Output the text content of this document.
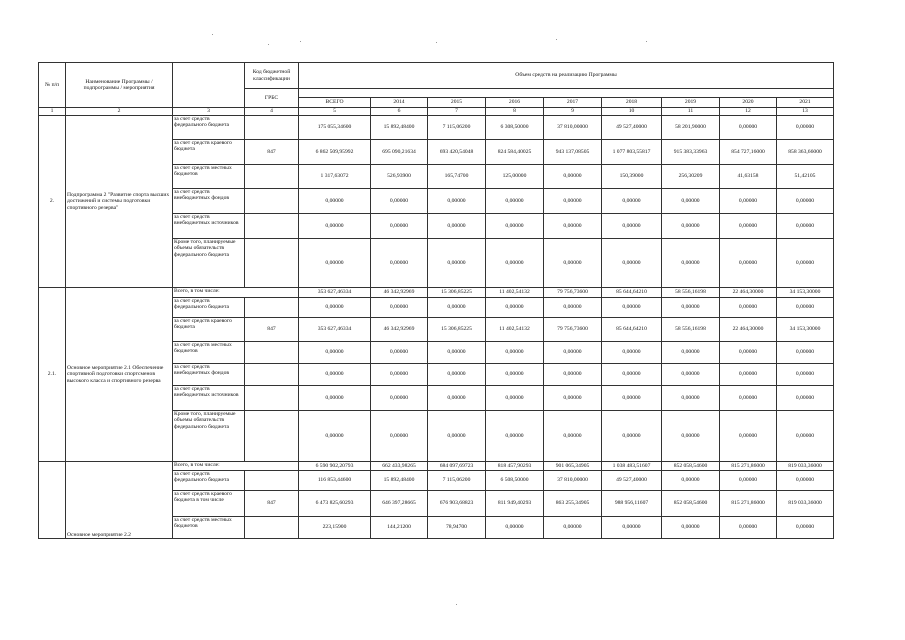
№ п/п	Наименование Программы / подпрограммы / мероприятия		Код бюджетной классификации	Объем средств на реализацию Программы								
			ГРБС									
				ВСЕГО	2014	2015	2016	2017	2018	2019	2020	2021
1	2	3	4	5	6	7	8	9	10	11	12	13
2.	Подпрограмма 2 "Развитие спорта высших достижений и системы подготовки спортивного резерва"	за счет средств федерального бюджета		175 055,34600	15 892,48400	7 115,06200	6 308,50000	37 810,00000	49 527,40000	58 201,90000	0,00000	0,00000
		за счет средств краевого бюджета	847	6 862 509,95992	695 090,21634	693 420,54048	824 584,40025	943 137,08505	1 077 803,55817	915 383,33963	854 727,16000	858 363,66000
		за счет средств местных бюджетов		1 317,63072	526,93900	165,74700	125,00000	0,00000	150,39000	256,30209	41,63158	51,42105
		за счет средств внебюджетных фондов		0,00000	0,00000	0,00000	0,00000	0,00000	0,00000	0,00000	0,00000	0,00000
		за счет средств внебюджетных источников		0,00000	0,00000	0,00000	0,00000	0,00000	0,00000	0,00000	0,00000	0,00000
		Кроме того, планируемые объемы обязательств федерального бюджета		0,00000	0,00000	0,00000	0,00000	0,00000	0,00000	0,00000	0,00000	0,00000
2.1.	Основное мероприятие 2.1 Обеспечение спортивной подготовки спортсменов высокого класса и спортивного резерва	Всего, в том числе:		353 627,46334	46 342,92969	15 306,85225	11 402,54132	79 756,73600	85 644,64210	58 556,16198	22 464,30000	34 153,30000
		за счет средств федерального бюджета		0,00000	0,00000	0,00000	0,00000	0,00000	0,00000	0,00000	0,00000	0,00000
		за счет средств краевого бюджета	847	353 627,46334	46 342,92969	15 306,85225	11 402,54132	79 756,73600	85 644,64210	58 556,16198	22 464,30000	34 153,30000
		за счет средств местных бюджетов		0,00000	0,00000	0,00000	0,00000	0,00000	0,00000	0,00000	0,00000	0,00000
		за счет средств внебюджетных фондов		0,00000	0,00000	0,00000	0,00000	0,00000	0,00000	0,00000	0,00000	0,00000
		за счет средств внебюджетных источников		0,00000	0,00000	0,00000	0,00000	0,00000	0,00000	0,00000	0,00000	0,00000
		Кроме того, планируемые объемы обязательств федерального бюджета		0,00000	0,00000	0,00000	0,00000	0,00000	0,00000	0,00000	0,00000	0,00000
	Основное мероприятие 2.2	Всего, в том числе:		6 590 902,20793	662 433,98265	684 097,69723	818 457,90293	901 065,34905	1 038 483,51607	852 058,54600	815 271,86000	819 033,36000
		за счет средств федерального бюджета		116 853,44600	15 892,48400	7 115,06200	6 508,50000	37 810,00000	49 527,40000	0,00000	0,00000	0,00000
		за счет средств краевого бюджета в том числе	847	6 473 825,60293	646 397,28665	676 903,68823	811 949,40293	863 255,34905	988 956,11607	852 058,54600	815 271,86000	819 033,36000
		за счет средств местных бюджетов		223,15900	144,21200	78,94700	0,00000	0,00000	0,00000	0,00000	0,00000	0,00000
